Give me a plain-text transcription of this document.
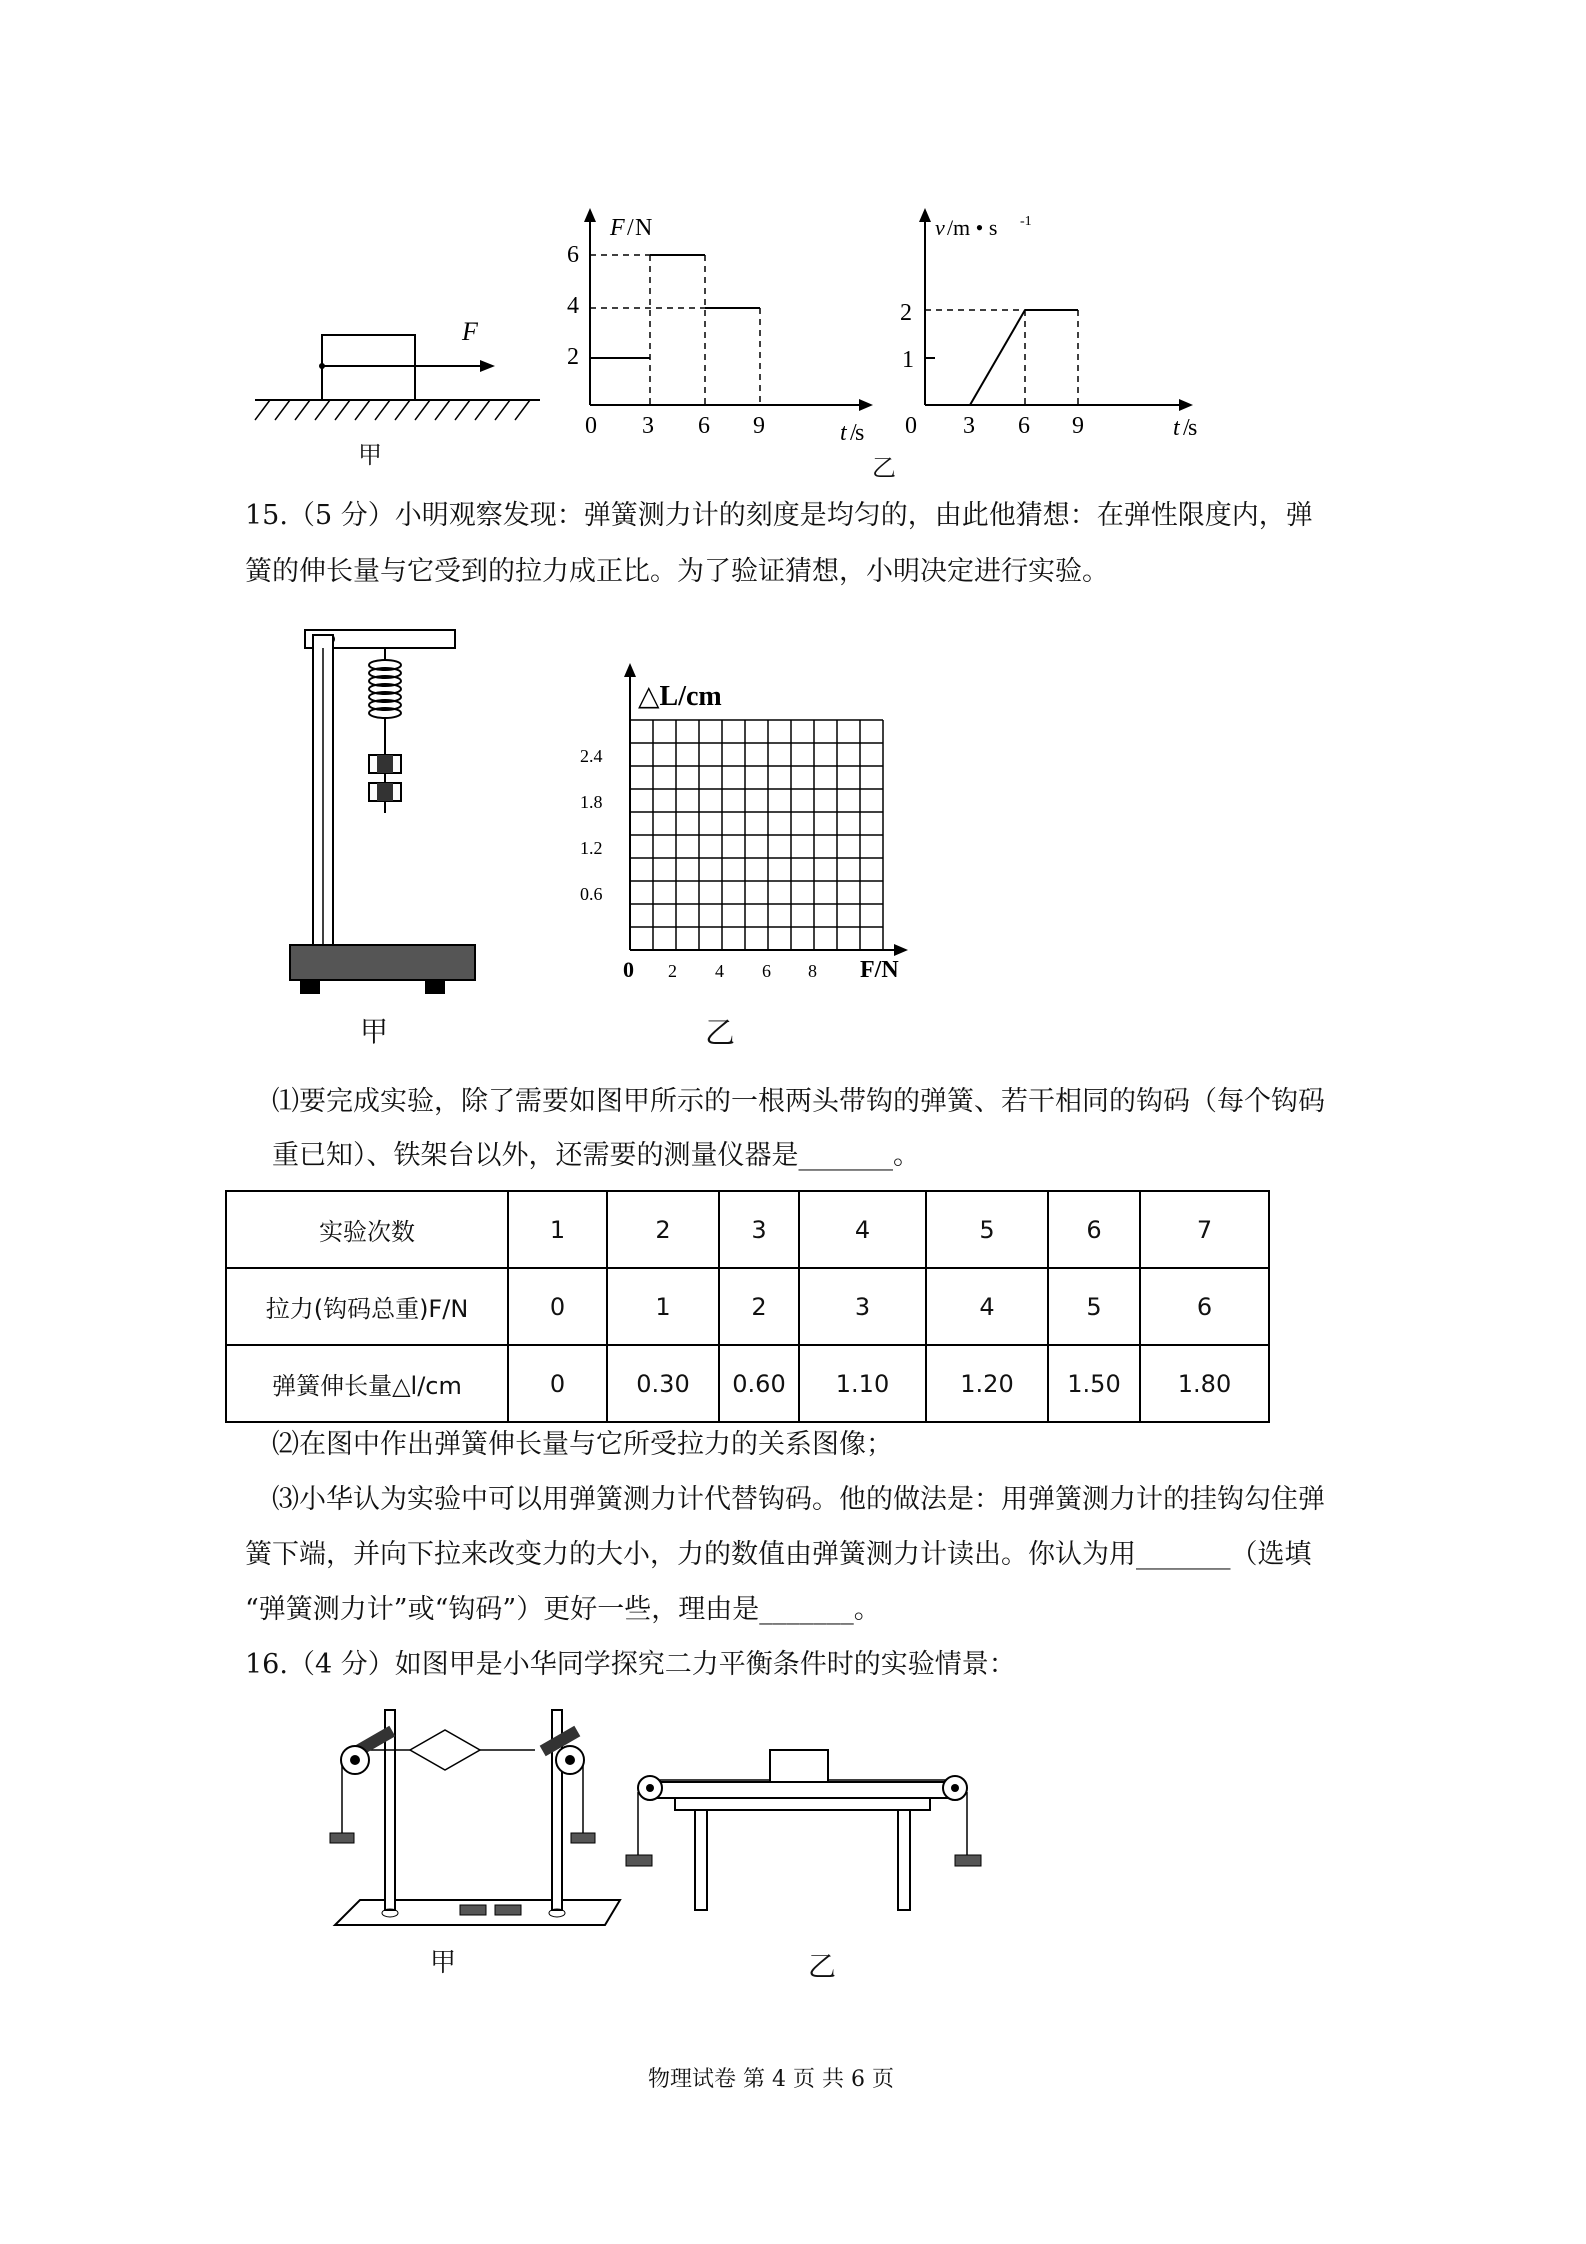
F
甲
F / N
6
4
2
0 3 6 9	t /
s
v / m • s -1
2
1
0 3 6 9	t /
s
乙
15.（5 分）小明观察发现：弹簧测力计的刻度是均匀的，由此他猜想：在弹性限度内，弹
簧的伸长量与它受到的拉力成正比。为了验证猜想，小明决定进行实验。
甲
△L/cm
2.4
1.8
1.2
0.6
0 2 4 6 8 F/N
乙
⑴要完成实验，除了需要如图甲所示的一根两头带钩的弹簧、若干相同的钩码（每个钩码
重已知）、铁架台以外，还需要的测量仪器是_______。
实验次数	1	2	3	4	5	6	7
拉力(钩码总重)F/N	0	1	2	3	4	5	6
弹簧伸长量△l/cm	0	0.30	0.60	1.10	1.20	1.50	1.80
⑵在图中作出弹簧伸长量与它所受拉力的关系图像；
⑶小华认为实验中可以用弹簧测力计代替钩码。他的做法是：用弹簧测力计的挂钩勾住弹
簧下端，并向下拉来改变力的大小，力的数值由弹簧测力计读出。你认为用_______（选填
“弹簧测力计”或“钩码”）更好一些，理由是_______。
16.（4 分）如图甲是小华同学探究二力平衡条件时的实验情景：
甲	乙
物理试卷 第 4 页 共 6 页
